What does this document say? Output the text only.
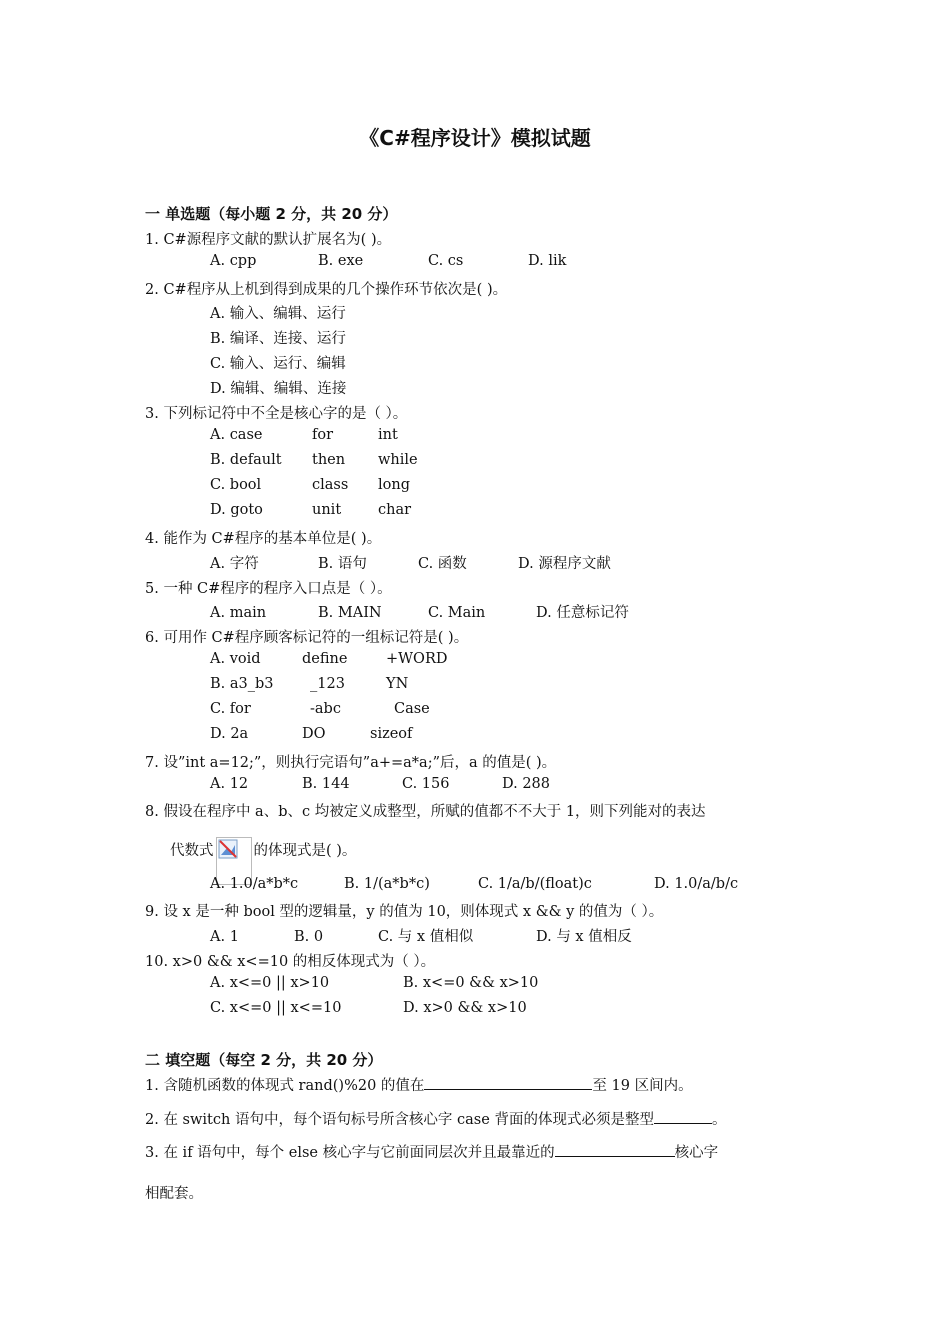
《C#程序设计》模拟试题
一 单选题（每小题 2 分，共 20 分）
1. C#源程序文献的默认扩展名为( )。
A. cpp	B. exe	C. cs	D. lik
2. C#程序从上机到得到成果的几个操作环节依次是( )。
A. 输入、编辑、运行
B. 编译、连接、运行
C. 输入、运行、编辑
D. 编辑、编辑、连接
3. 下列标记符中不全是核心字的是（ ）。
A. case	for	int
B. default then while
C. bool	class long
D. goto	unit	char
4. 能作为 C#程序的基本单位是( )。
A. 字符	B. 语句	C. 函数	D. 源程序文献
5. 一种 C#程序的程序入口点是（ ）。
A. main	B. MAIN	C. Main	D. 任意标记符
6. 可用作 C#程序顾客标记符的一组标记符是( )。
A. void	define	+WORD
B. a3_b3	_123	YN
C. for	-abc	Case
D. 2a	DO	sizeof
7. 设”int a=12;”，则执行完语句”a+=a*a;”后，a 的值是( )。
A. 12	B. 144	C. 156	D. 288
8. 假设在程序中 a、b、c 均被定义成整型，所赋的值都不不大于 1，则下列能对的表达
代数式	的体现式是( )。
A. 1.0/a*b*c	B. 1/(a*b*c)	C. 1/a/b/(float)c	D. 1.0/a/b/c
9. 设 x 是一种 bool 型的逻辑量，y 的值为 10，则体现式 x && y 的值为（ ）。
A. 1	B. 0	C. 与 x 值相似	D. 与 x 值相反
10. x>0 && x<=10 的相反体现式为（ ）。
A. x<=0 || x>10	B. x<=0 && x>10
C. x<=0 || x<=10	D. x>0 && x>10
二 填空题（每空 2 分，共 20 分）
1. 含随机函数的体现式 rand()%20 的值在	至 19 区间内。
2. 在 switch 语句中，每个语句标号所含核心字 case 背面的体现式必须是整型	。
3. 在 if 语句中，每个 else 核心字与它前面同层次并且最靠近的	核心字
相配套。
